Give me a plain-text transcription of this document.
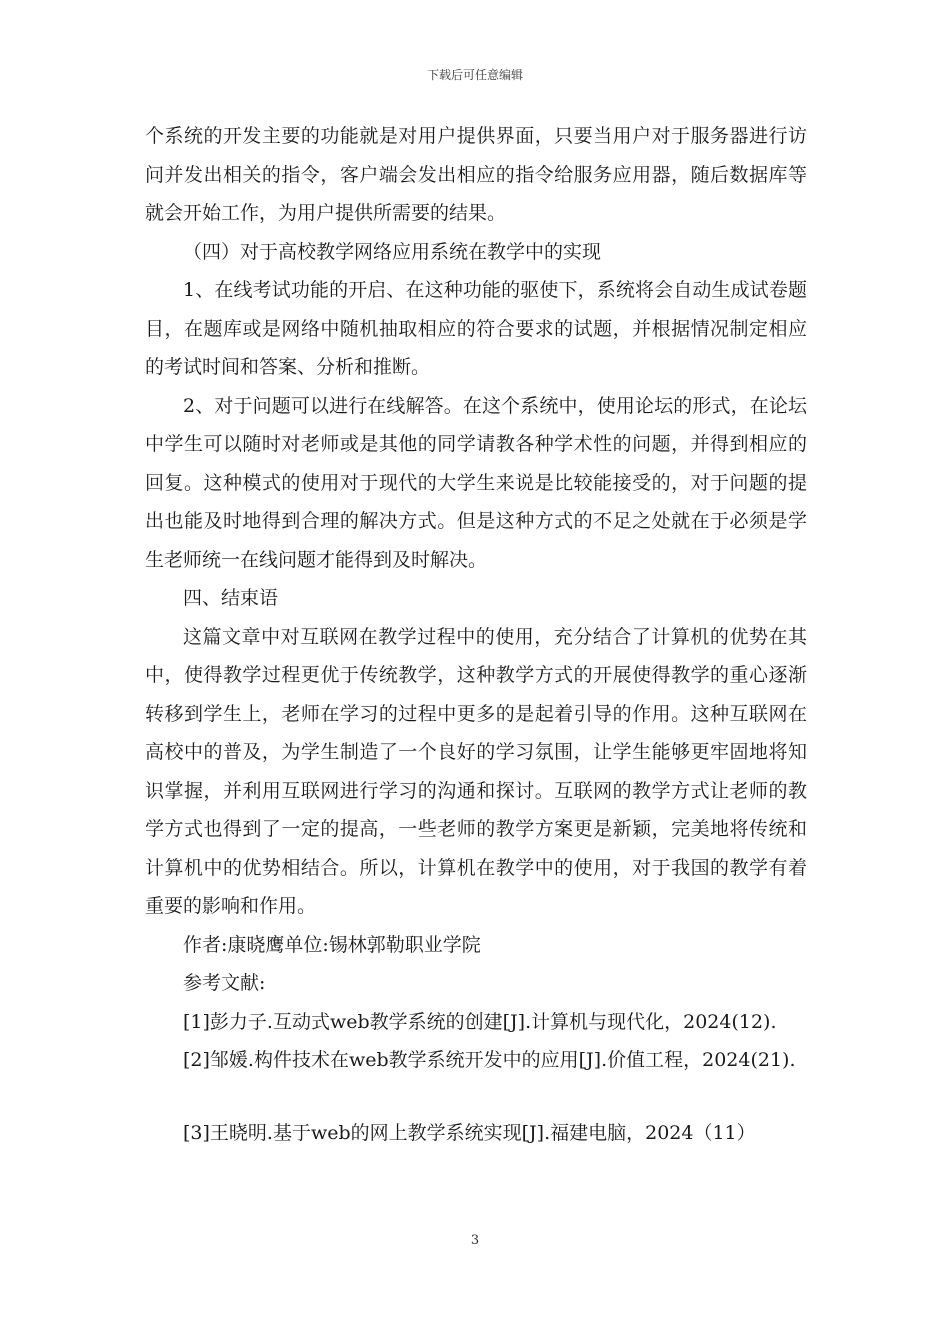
下载后可任意编辑

个系统的开发主要的功能就是对用户提供界面，只要当用户对于服务器进行访问并发出相关的指令，客户端会发出相应的指令给服务应用器，随后数据库等就会开始工作，为用户提供所需要的结果。

（四）对于高校教学网络应用系统在教学中的实现

1、在线考试功能的开启、在这种功能的驱使下，系统将会自动生成试卷题目，在题库或是网络中随机抽取相应的符合要求的试题，并根据情况制定相应的考试时间和答案、分析和推断。

2、对于问题可以进行在线解答。在这个系统中，使用论坛的形式，在论坛中学生可以随时对老师或是其他的同学请教各种学术性的问题，并得到相应的回复。这种模式的使用对于现代的大学生来说是比较能接受的，对于问题的提出也能及时地得到合理的解决方式。但是这种方式的不足之处就在于必须是学生老师统一在线问题才能得到及时解决。

四、结束语

这篇文章中对互联网在教学过程中的使用，充分结合了计算机的优势在其中，使得教学过程更优于传统教学，这种教学方式的开展使得教学的重心逐渐转移到学生上，老师在学习的过程中更多的是起着引导的作用。这种互联网在高校中的普及，为学生制造了一个良好的学习氛围，让学生能够更牢固地将知识掌握，并利用互联网进行学习的沟通和探讨。互联网的教学方式让老师的教学方式也得到了一定的提高，一些老师的教学方案更是新颖，完美地将传统和计算机中的优势相结合。所以，计算机在教学中的使用，对于我国的教学有着重要的影响和作用。

作者:康晓鹰单位:锡林郭勒职业学院

参考文献:

[1]彭力子.互动式web教学系统的创建[J].计算机与现代化，2024(12).

[2]邹媛.构件技术在web教学系统开发中的应用[J].价值工程，2024(21).

[3]王晓明.基于web的网上教学系统实现[J].福建电脑，2024（11）

3
